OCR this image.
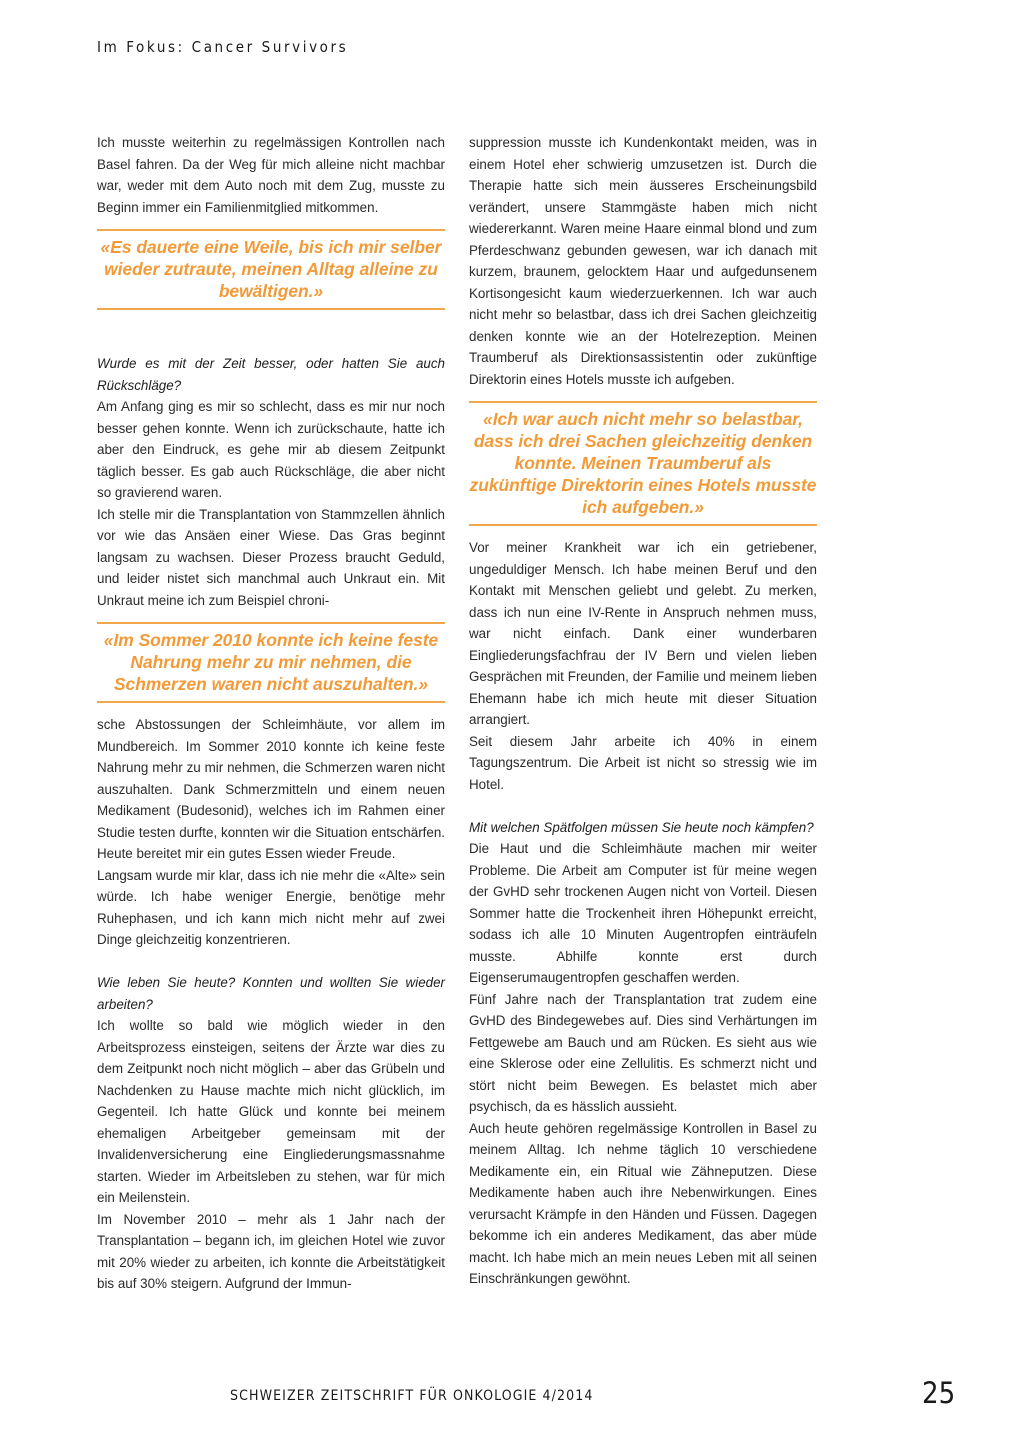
Im Fokus: Cancer Survivors

Ich musste weiterhin zu regelmässigen Kontrollen nach Basel fahren. Da der Weg für mich alleine nicht machbar war, weder mit dem Auto noch mit dem Zug, musste zu Beginn immer ein Familienmitglied mitkommen.

«Es dauerte eine Weile, bis ich mir selber wieder zutraute, meinen Alltag alleine zu bewältigen.»

Wurde es mit der Zeit besser, oder hatten Sie auch Rückschläge?

Am Anfang ging es mir so schlecht, dass es mir nur noch besser gehen konnte. Wenn ich zurückschaute, hatte ich aber den Eindruck, es gehe mir ab diesem Zeitpunkt täglich besser. Es gab auch Rückschläge, die aber nicht so gravierend waren.

Ich stelle mir die Transplantation von Stammzellen ähnlich vor wie das Ansäen einer Wiese. Das Gras beginnt langsam zu wachsen. Dieser Prozess braucht Geduld, und leider nistet sich manchmal auch Unkraut ein. Mit Unkraut meine ich zum Beispiel chroni-

«Im Sommer 2010 konnte ich keine feste Nahrung mehr zu mir nehmen, die Schmerzen waren nicht auszuhalten.»

sche Abstossungen der Schleimhäute, vor allem im Mundbereich. Im Sommer 2010 konnte ich keine feste Nahrung mehr zu mir nehmen, die Schmerzen waren nicht auszuhalten. Dank Schmerzmitteln und einem neuen Medikament (Budesonid), welches ich im Rahmen einer Studie testen durfte, konnten wir die Situation entschärfen. Heute bereitet mir ein gutes Essen wieder Freude.

Langsam wurde mir klar, dass ich nie mehr die «Alte» sein würde. Ich habe weniger Energie, benötige mehr Ruhephasen, und ich kann mich nicht mehr auf zwei Dinge gleichzeitig konzentrieren.

Wie leben Sie heute? Konnten und wollten Sie wieder arbeiten?

Ich wollte so bald wie möglich wieder in den Arbeitsprozess einsteigen, seitens der Ärzte war dies zu dem Zeitpunkt noch nicht möglich – aber das Grübeln und Nachdenken zu Hause machte mich nicht glücklich, im Gegenteil. Ich hatte Glück und konnte bei meinem ehemaligen Arbeitgeber gemeinsam mit der Invalidenversicherung eine Eingliederungsmassnahme starten. Wieder im Arbeitsleben zu stehen, war für mich ein Meilenstein.

Im November 2010 – mehr als 1 Jahr nach der Transplantation – begann ich, im gleichen Hotel wie zuvor mit 20% wieder zu arbeiten, ich konnte die Arbeitstätigkeit bis auf 30% steigern. Aufgrund der Immun-

suppression musste ich Kundenkontakt meiden, was in einem Hotel eher schwierig umzusetzen ist. Durch die Therapie hatte sich mein äusseres Erscheinungsbild verändert, unsere Stammgäste haben mich nicht wiedererkannt. Waren meine Haare einmal blond und zum Pferdeschwanz gebunden gewesen, war ich danach mit kurzem, braunem, gelocktem Haar und aufgedunsenem Kortisongesicht kaum wiederzuerkennen. Ich war auch nicht mehr so belastbar, dass ich drei Sachen gleichzeitig denken konnte wie an der Hotelrezeption. Meinen Traumberuf als Direktionsassistentin oder zukünftige Direktorin eines Hotels musste ich aufgeben.

«Ich war auch nicht mehr so belastbar, dass ich drei Sachen gleichzeitig denken konnte. Meinen Traumberuf als zukünftige Direktorin eines Hotels musste ich aufgeben.»

Vor meiner Krankheit war ich ein getriebener, ungeduldiger Mensch. Ich habe meinen Beruf und den Kontakt mit Menschen geliebt und gelebt. Zu merken, dass ich nun eine IV-Rente in Anspruch nehmen muss, war nicht einfach. Dank einer wunderbaren Eingliederungsfachfrau der IV Bern und vielen lieben Gesprächen mit Freunden, der Familie und meinem lieben Ehemann habe ich mich heute mit dieser Situation arrangiert.

Seit diesem Jahr arbeite ich 40% in einem Tagungszentrum. Die Arbeit ist nicht so stressig wie im Hotel.

Mit welchen Spätfolgen müssen Sie heute noch kämpfen?

Die Haut und die Schleimhäute machen mir weiter Probleme. Die Arbeit am Computer ist für meine wegen der GvHD sehr trockenen Augen nicht von Vorteil. Diesen Sommer hatte die Trockenheit ihren Höhepunkt erreicht, sodass ich alle 10 Minuten Augentropfen einträufeln musste. Abhilfe konnte erst durch Eigenserumaugentropfen geschaffen werden.

Fünf Jahre nach der Transplantation trat zudem eine GvHD des Bindegewebes auf. Dies sind Verhärtungen im Fettgewebe am Bauch und am Rücken. Es sieht aus wie eine Sklerose oder eine Zellulitis. Es schmerzt nicht und stört nicht beim Bewegen. Es belastet mich aber psychisch, da es hässlich aussieht.

Auch heute gehören regelmässige Kontrollen in Basel zu meinem Alltag. Ich nehme täglich 10 verschiedene Medikamente ein, ein Ritual wie Zähneputzen. Diese Medikamente haben auch ihre Nebenwirkungen. Eines verursacht Krämpfe in den Händen und Füssen. Dagegen bekomme ich ein anderes Medikament, das aber müde macht. Ich habe mich an mein neues Leben mit all seinen Einschränkungen gewöhnt.

SCHWEIZER ZEITSCHRIFT FÜR ONKOLOGIE 4/2014	25
